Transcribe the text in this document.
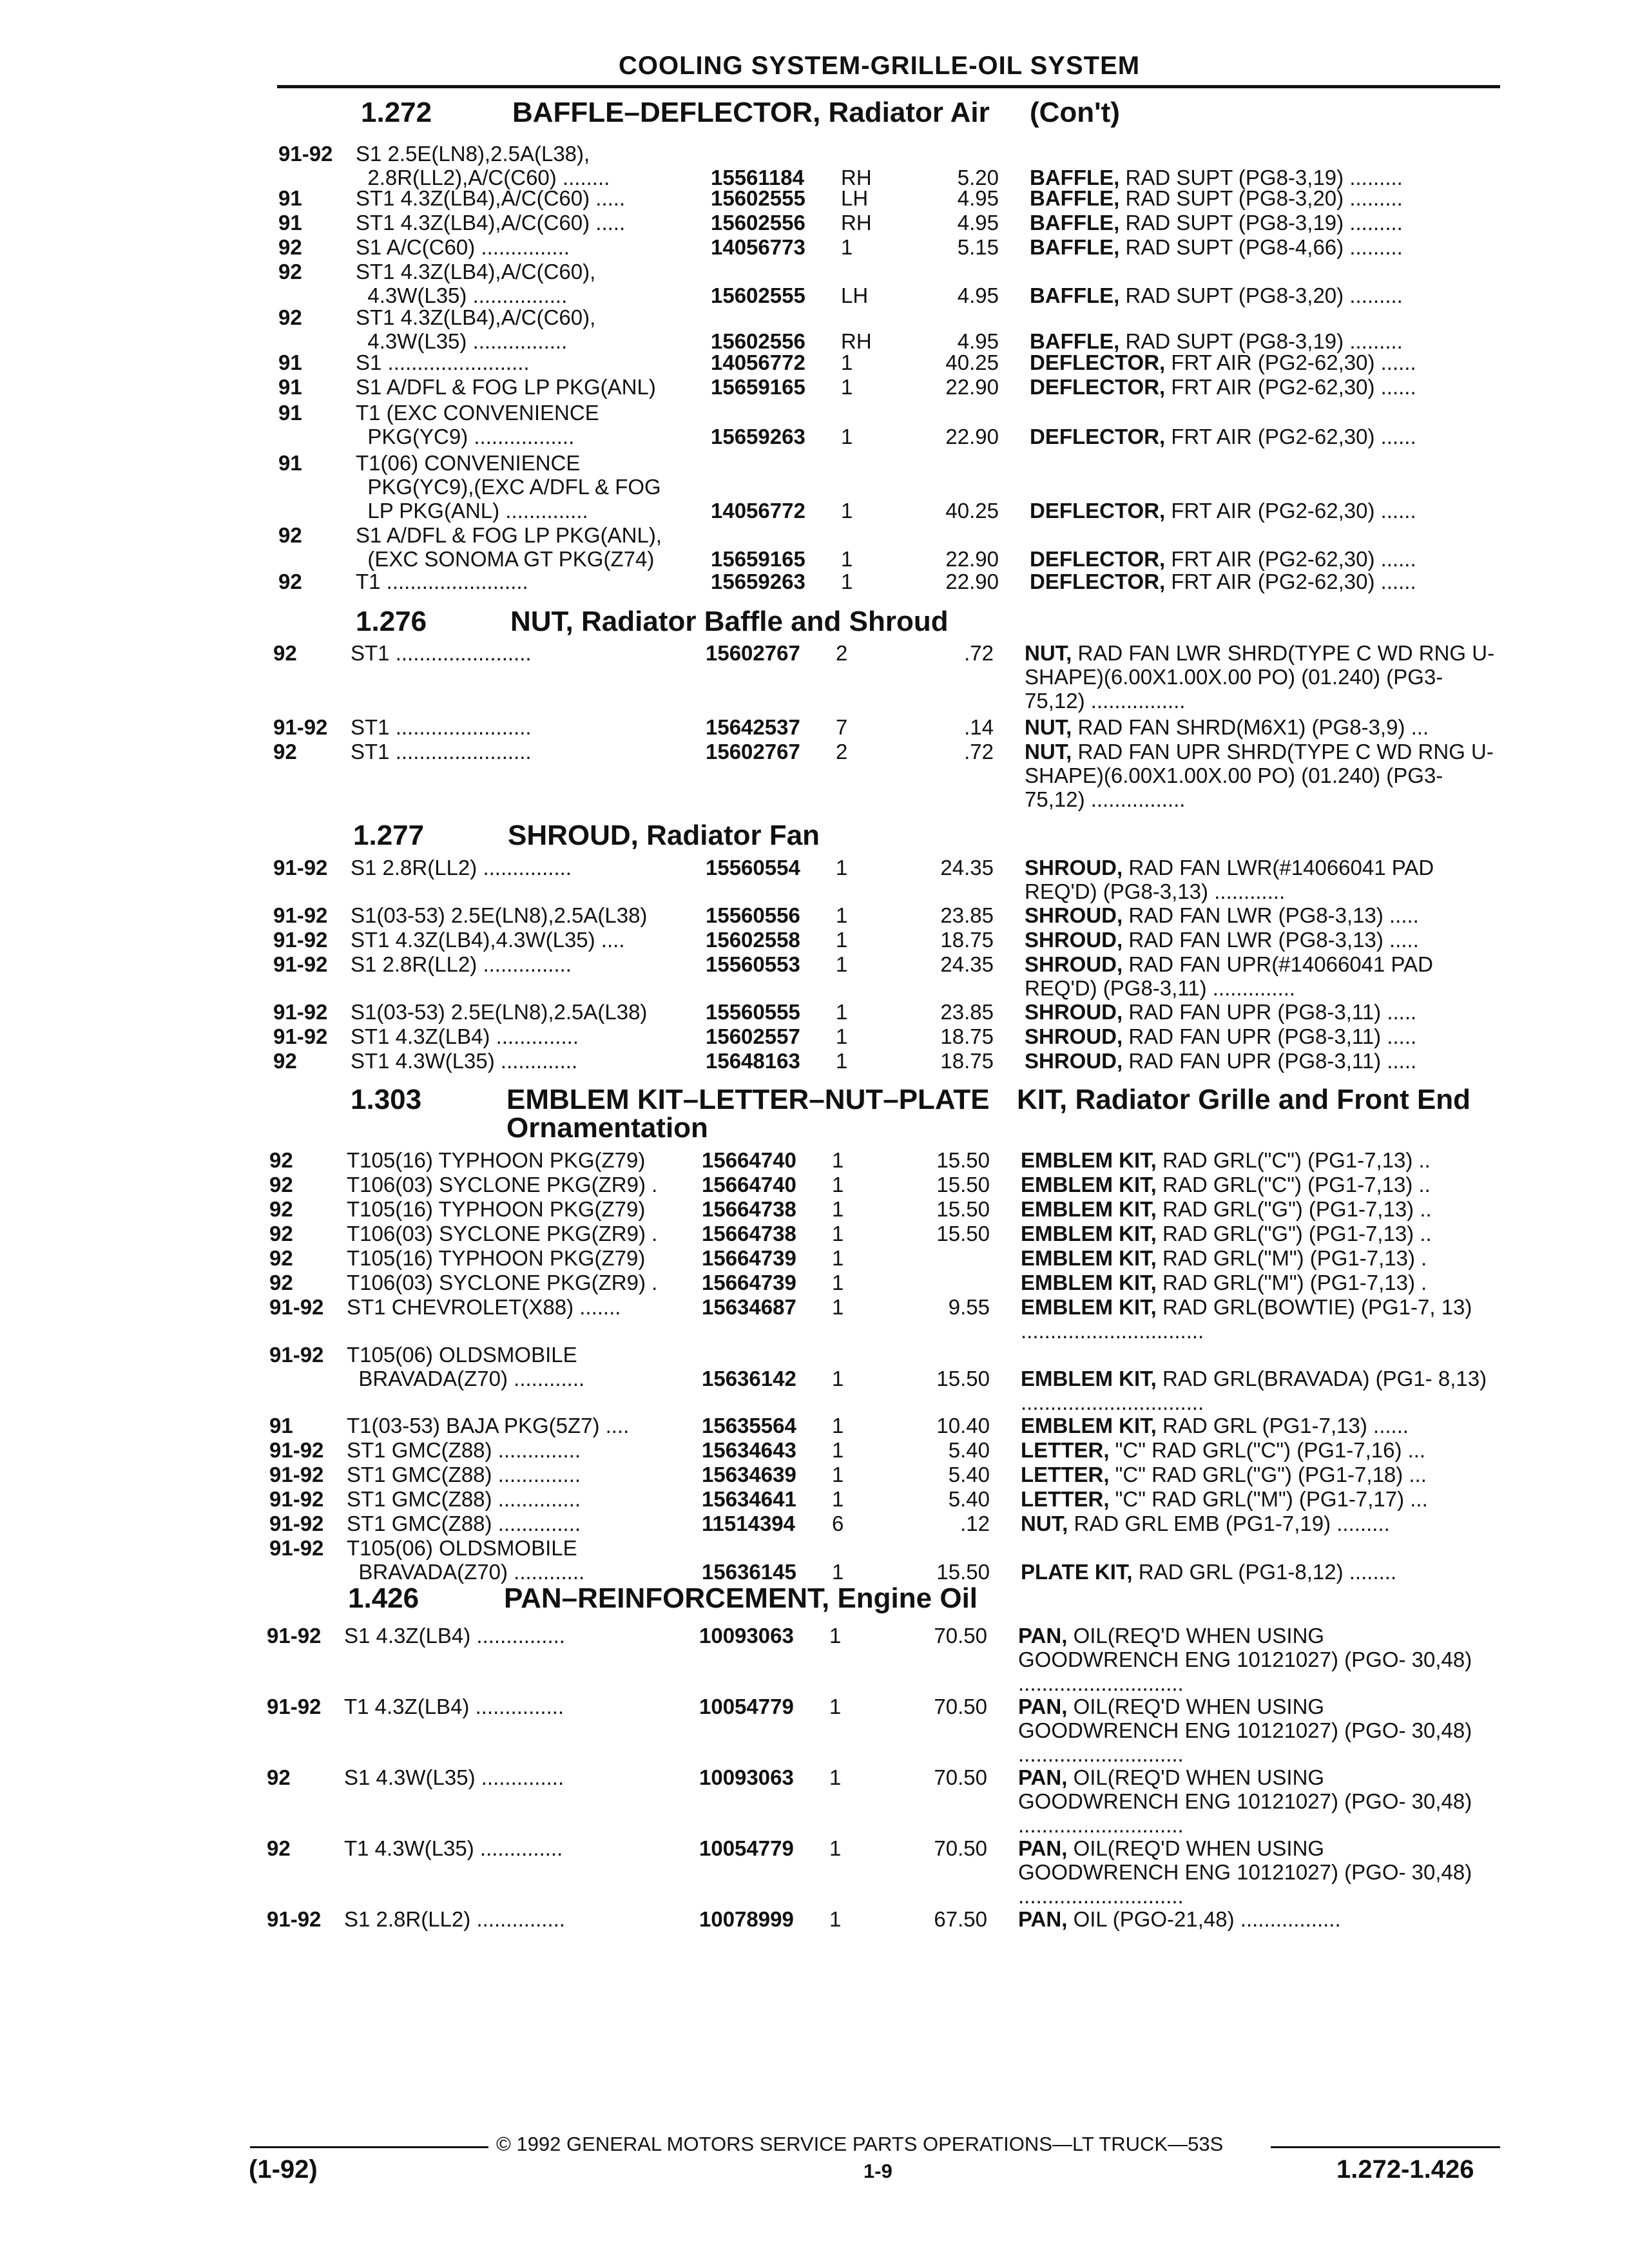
COOLING SYSTEM-GRILLE-OIL SYSTEM
1.272	BAFFLE–DEFLECTOR, Radiator Air (Con't)
1.276	NUT, Radiator Baffle and Shroud
1.277	SHROUD, Radiator Fan
1.303	EMBLEM KIT–LETTER–NUT–PLATE KIT, Radiator Grille and Front End
Ornamentation
1.426	PAN–REINFORCEMENT, Engine Oil
91-92 S1 2.5E(LN8),2.5A(L38),
2.8R(LL2),A/C(C60) ........	15561184 RH	5.20 BAFFLE, RAD SUPT (PG8-3,19) .........
91	ST1 4.3Z(LB4),A/C(C60) .....	15602555 LH	4.95 BAFFLE, RAD SUPT (PG8-3,20) .........
91	ST1 4.3Z(LB4),A/C(C60) .....	15602556 RH	4.95 BAFFLE, RAD SUPT (PG8-3,19) .........
92	S1 A/C(C60) ...............	14056773 1	5.15 BAFFLE, RAD SUPT (PG8-4,66) .........
92	ST1 4.3Z(LB4),A/C(C60),
4.3W(L35) ................	15602555 LH	4.95 BAFFLE, RAD SUPT (PG8-3,20) .........
92	ST1 4.3Z(LB4),A/C(C60),
4.3W(L35) ................	15602556 RH	4.95 BAFFLE, RAD SUPT (PG8-3,19) .........
91	S1 ........................	14056772 1	40.25 DEFLECTOR, FRT AIR (PG2-62,30) ......
91	S1 A/DFL & FOG LP PKG(ANL)	15659165 1	22.90 DEFLECTOR, FRT AIR (PG2-62,30) ......
91	T1 (EXC CONVENIENCE
PKG(YC9) .................	15659263 1	22.90 DEFLECTOR, FRT AIR (PG2-62,30) ......
91	T1(06) CONVENIENCE
PKG(YC9),(EXC A/DFL & FOG
LP PKG(ANL) ..............	14056772 1	40.25 DEFLECTOR, FRT AIR (PG2-62,30) ......
92	S1 A/DFL & FOG LP PKG(ANL),
(EXC SONOMA GT PKG(Z74)	15659165 1	22.90 DEFLECTOR, FRT AIR (PG2-62,30) ......
92	T1 ........................	15659263 1	22.90 DEFLECTOR, FRT AIR (PG2-62,30) ......
92	ST1 .......................	15602767 2	.72 NUT, RAD FAN LWR SHRD(TYPE C WD RNG U-SHAPE)(6.00X1.00X.00 PO) (01.240) (PG3-75,12) ................
91-92 ST1 .......................	15642537 7	.14 NUT, RAD FAN SHRD(M6X1) (PG8-3,9) ...
92	ST1 .......................	15602767 2	.72 NUT, RAD FAN UPR SHRD(TYPE C WD RNG U-SHAPE)(6.00X1.00X.00 PO) (01.240) (PG3-75,12) ................
91-92 S1 2.8R(LL2) ...............	15560554 1	24.35 SHROUD, RAD FAN LWR(#14066041 PAD REQ'D) (PG8-3,13) ............
91-92 S1(03-53) 2.5E(LN8),2.5A(L38)	15560556 1	23.85 SHROUD, RAD FAN LWR (PG8-3,13) .....
91-92 ST1 4.3Z(LB4),4.3W(L35) ....	15602558 1	18.75 SHROUD, RAD FAN LWR (PG8-3,13) .....
91-92 S1 2.8R(LL2) ...............	15560553 1	24.35 SHROUD, RAD FAN UPR(#14066041 PAD REQ'D) (PG8-3,11) ..............
91-92 S1(03-53) 2.5E(LN8),2.5A(L38)	15560555 1	23.85 SHROUD, RAD FAN UPR (PG8-3,11) .....
91-92 ST1 4.3Z(LB4) ..............	15602557 1	18.75 SHROUD, RAD FAN UPR (PG8-3,11) .....
92	ST1 4.3W(L35) .............	15648163 1	18.75 SHROUD, RAD FAN UPR (PG8-3,11) .....
92	T105(16) TYPHOON PKG(Z79)	15664740 1	15.50 EMBLEM KIT, RAD GRL("C") (PG1-7,13) ..
92	T106(03) SYCLONE PKG(ZR9) . 15664740 1	15.50 EMBLEM KIT, RAD GRL("C") (PG1-7,13) ..
92	T105(16) TYPHOON PKG(Z79)	15664738 1	15.50 EMBLEM KIT, RAD GRL("G") (PG1-7,13) ..
92	T106(03) SYCLONE PKG(ZR9) . 15664738 1	15.50 EMBLEM KIT, RAD GRL("G") (PG1-7,13) ..
92	T105(16) TYPHOON PKG(Z79)	15664739 1	EMBLEM KIT, RAD GRL("M") (PG1-7,13) .
92	T106(03) SYCLONE PKG(ZR9) . 15664739 1	EMBLEM KIT, RAD GRL("M") (PG1-7,13) .
91-92 ST1 CHEVROLET(X88) .......	15634687 1	9.55 EMBLEM KIT, RAD GRL(BOWTIE) (PG1-7, 13) ...............................
91-92 T105(06) OLDSMOBILE
BRAVADA(Z70) ............	15636142 1	15.50 EMBLEM KIT, RAD GRL(BRAVADA) (PG1- 8,13) ...............................
91	T1(03-53) BAJA PKG(5Z7) ....	15635564 1	10.40 EMBLEM KIT, RAD GRL (PG1-7,13) ......
91-92 ST1 GMC(Z88) ..............	15634643 1	5.40 LETTER, "C" RAD GRL("C") (PG1-7,16) ...
91-92 ST1 GMC(Z88) ..............	15634639 1	5.40 LETTER, "C" RAD GRL("G") (PG1-7,18) ...
91-92 ST1 GMC(Z88) ..............	15634641 1	5.40 LETTER, "C" RAD GRL("M") (PG1-7,17) ...
91-92 ST1 GMC(Z88) ..............	11514394 6	.12 NUT, RAD GRL EMB (PG1-7,19) .........
91-92 T105(06) OLDSMOBILE
BRAVADA(Z70) ............	15636145 1	15.50 PLATE KIT, RAD GRL (PG1-8,12) ........
91-92 S1 4.3Z(LB4) ...............	10093063 1	70.50 PAN, OIL(REQ'D WHEN USING GOODWRENCH ENG 10121027) (PGO- 30,48) ............................
91-92 T1 4.3Z(LB4) ...............	10054779 1	70.50 PAN, OIL(REQ'D WHEN USING GOODWRENCH ENG 10121027) (PGO- 30,48) ............................
92	S1 4.3W(L35) ..............	10093063 1	70.50 PAN, OIL(REQ'D WHEN USING GOODWRENCH ENG 10121027) (PGO- 30,48) ............................
92	T1 4.3W(L35) ..............	10054779 1	70.50 PAN, OIL(REQ'D WHEN USING GOODWRENCH ENG 10121027) (PGO- 30,48) ............................
91-92 S1 2.8R(LL2) ...............	10078999 1	67.50 PAN, OIL (PGO-21,48) .................
© 1992 GENERAL MOTORS SERVICE PARTS OPERATIONS—LT TRUCK—53S
(1-92)	1-9	1.272-1.426
